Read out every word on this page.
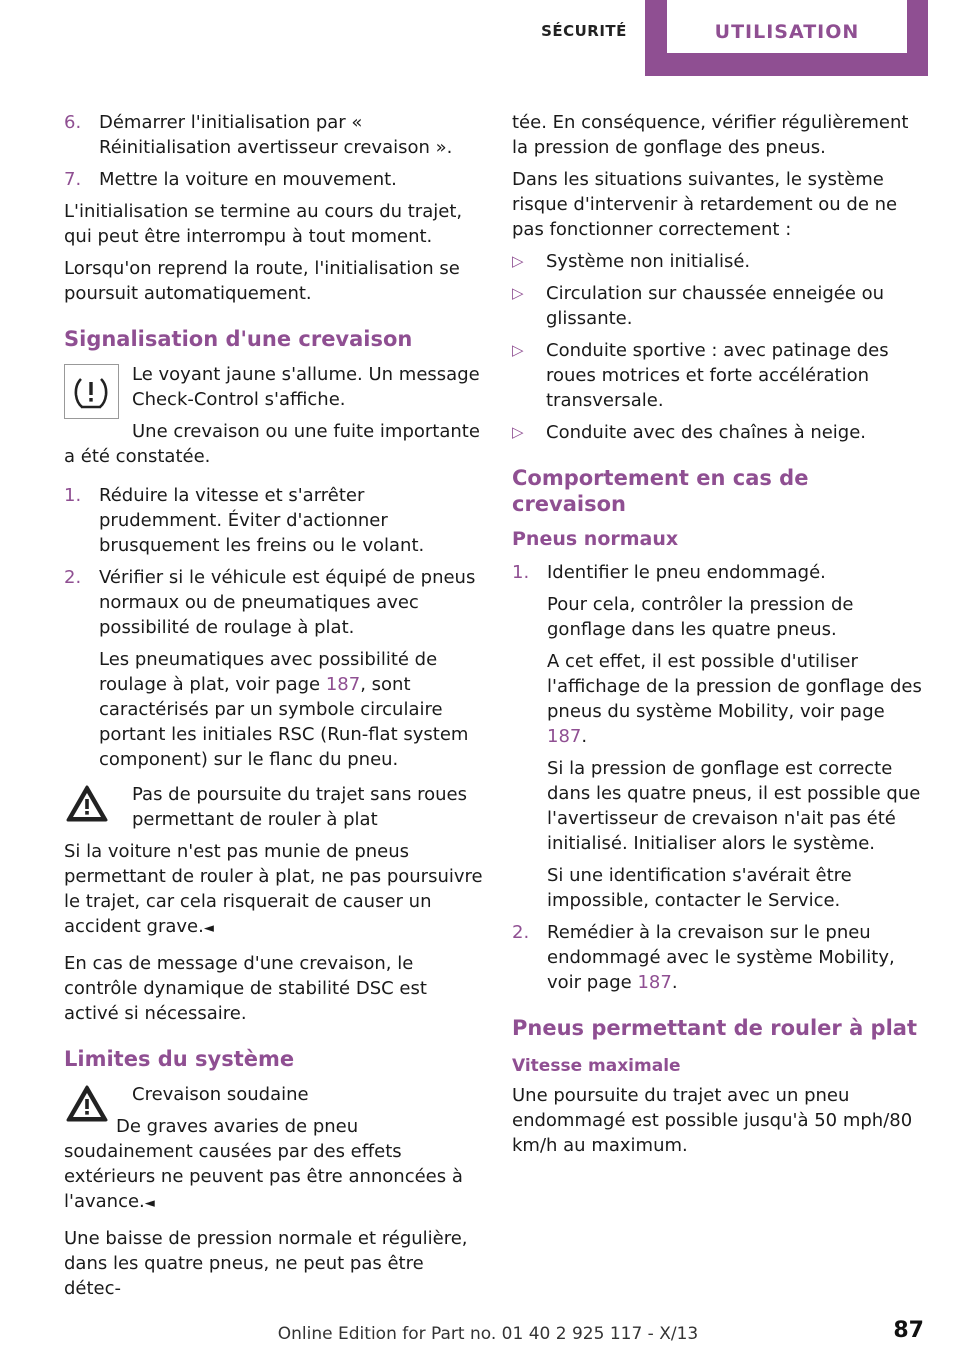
SÉCURITÉ	UTILISATION
6. Démarrer l'initialisation par « Réinitialisation avertisseur crevaison ».
7. Mettre la voiture en mouvement.

L'initialisation se termine au cours du trajet, qui peut être interrompu à tout moment.

Lorsqu'on reprend la route, l'initialisation se poursuit automatiquement.

Signalisation d'une crevaison

Le voyant jaune s'allume. Un message Check-Control s'affiche.

Une crevaison ou une fuite importante a été constatée.

1. Réduire la vitesse et s'arrêter prudemment. Éviter d'actionner brusquement les freins ou le volant.
2. Vérifier si le véhicule est équipé de pneus normaux ou de pneumatiques avec possibilité de roulage à plat.
Les pneumatiques avec possibilité de roulage à plat, voir page 187, sont caractérisés par un symbole circulaire portant les initiales RSC (Run-flat system component) sur le flanc du pneu.

Pas de poursuite du trajet sans roues permettant de rouler à plat

Si la voiture n'est pas munie de pneus permettant de rouler à plat, ne pas poursuivre le trajet, car cela risquerait de causer un accident grave.◄

En cas de message d'une crevaison, le contrôle dynamique de stabilité DSC est activé si nécessaire.

Limites du système

Crevaison soudaine

De graves avaries de pneu soudainement causées par des effets extérieurs ne peuvent pas être annoncées à l'avance.◄

Une baisse de pression normale et régulière, dans les quatre pneus, ne peut pas être détec-

tée. En conséquence, vérifier régulièrement la pression de gonflage des pneus.

Dans les situations suivantes, le système risque d'intervenir à retardement ou de ne pas fonctionner correctement :

▷ Système non initialisé.
▷ Circulation sur chaussée enneigée ou glissante.
▷ Conduite sportive : avec patinage des roues motrices et forte accélération transversale.
▷ Conduite avec des chaînes à neige.
Comportement en cas de crevaison
Pneus normaux
1. Identifier le pneu endommagé.
Pour cela, contrôler la pression de gonflage dans les quatre pneus.
A cet effet, il est possible d'utiliser l'affichage de la pression de gonflage des pneus du système Mobility, voir page 187.
Si la pression de gonflage est correcte dans les quatre pneus, il est possible que l'avertisseur de crevaison n'ait pas été initialisé. Initialiser alors le système.
Si une identification s'avérait être impossible, contacter le Service.
2. Remédier à la crevaison sur le pneu endommagé avec le système Mobility, voir page 187.
Pneus permettant de rouler à plat
Vitesse maximale

Une poursuite du trajet avec un pneu endommagé est possible jusqu'à 50 mph/80 km/h au maximum.

Online Edition for Part no. 01 40 2 925 117 - X/13	87
